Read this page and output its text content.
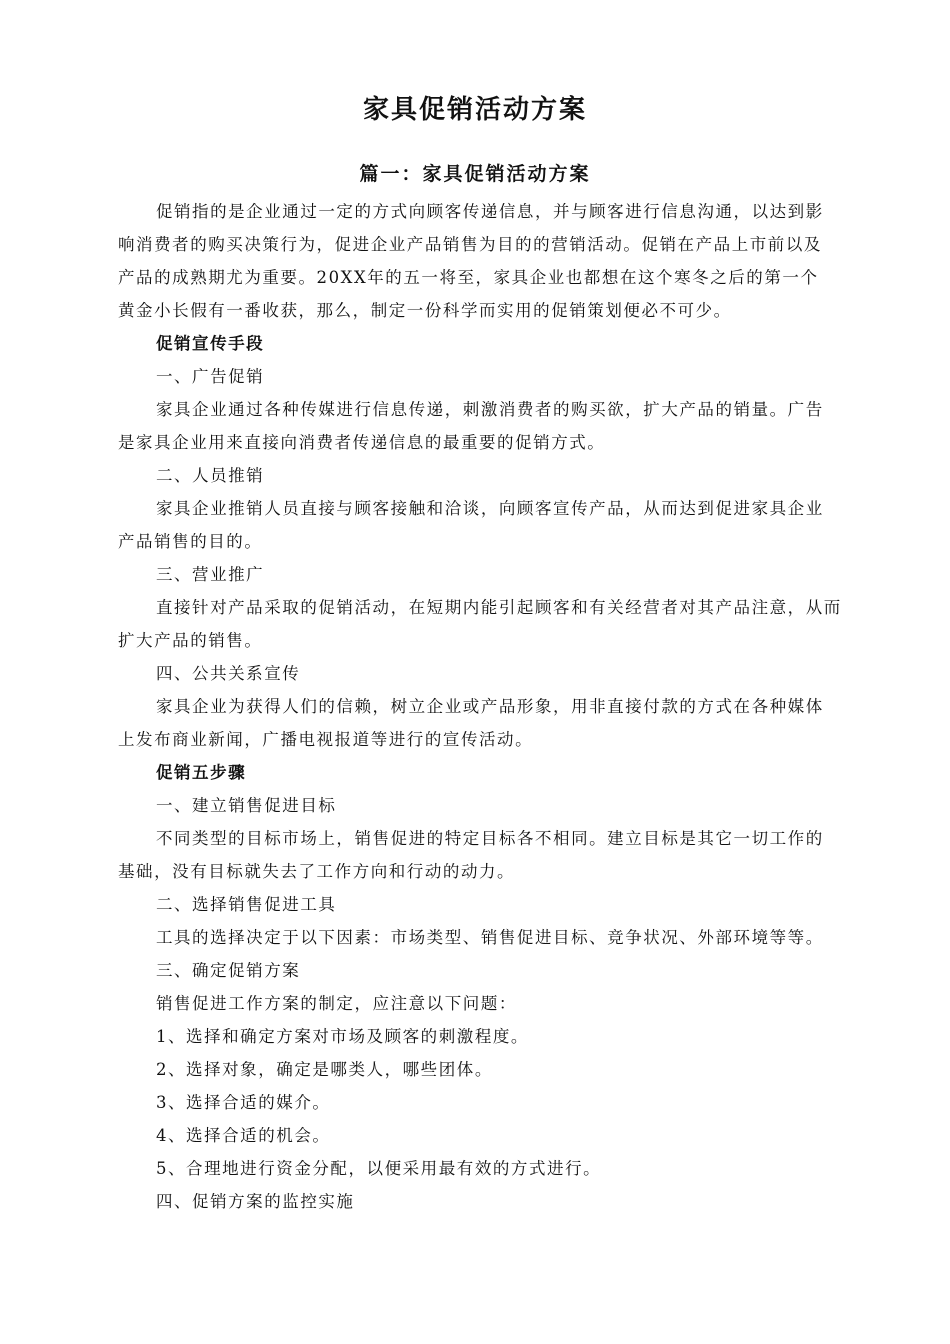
家具促销活动方案
篇一：家具促销活动方案

促销指的是企业通过一定的方式向顾客传递信息，并与顾客进行信息沟通，以达到影响消费者的购买决策行为，促进企业产品销售为目的的营销活动。促销在产品上市前以及产品的成熟期尤为重要。20XX年的五一将至，家具企业也都想在这个寒冬之后的第一个黄金小长假有一番收获，那么，制定一份科学而实用的促销策划便必不可少。

促销宣传手段

一、广告促销

家具企业通过各种传媒进行信息传递，刺激消费者的购买欲，扩大产品的销量。广告是家具企业用来直接向消费者传递信息的最重要的促销方式。

二、人员推销

家具企业推销人员直接与顾客接触和洽谈，向顾客宣传产品，从而达到促进家具企业产品销售的目的。

三、营业推广

直接针对产品采取的促销活动，在短期内能引起顾客和有关经营者对其产品注意，从而扩大产品的销售。

四、公共关系宣传

家具企业为获得人们的信赖，树立企业或产品形象，用非直接付款的方式在各种媒体上发布商业新闻，广播电视报道等进行的宣传活动。

促销五步骤

一、建立销售促进目标

不同类型的目标市场上，销售促进的特定目标各不相同。建立目标是其它一切工作的基础，没有目标就失去了工作方向和行动的动力。

二、选择销售促进工具

工具的选择决定于以下因素：市场类型、销售促进目标、竞争状况、外部环境等等。

三、确定促销方案

销售促进工作方案的制定，应注意以下问题：

1、选择和确定方案对市场及顾客的刺激程度。

2、选择对象，确定是哪类人，哪些团体。

3、选择合适的媒介。

4、选择合适的机会。

5、合理地进行资金分配，以便采用最有效的方式进行。

四、促销方案的监控实施
